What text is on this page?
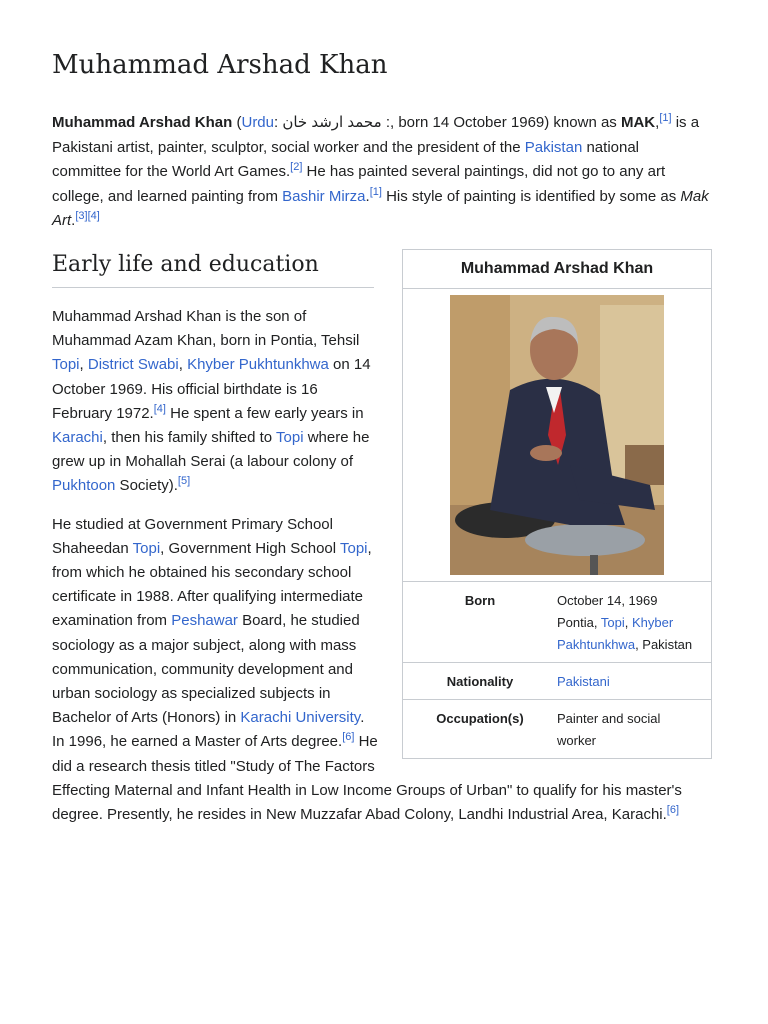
Muhammad Arshad Khan

Muhammad Arshad Khan (Urdu: محمد ارشد خان :, born 14 October 1969) known as MAK,[1] is a Pakistani artist, painter, sculptor, social worker and the president of the Pakistan national committee for the World Art Games.[2] He has painted several paintings, did not go to any art college, and learned painting from Bashir Mirza.[1] His style of painting is identified by some as Mak Art.[3][4]

Early life and education	Muhammad Arshad Khan
Born	October 14, 1969
Pontia, Topi, Khyber Pakhtunkhwa, Pakistan
Nationality	Pakistani
Occupation(s)	Painter and social worker

Muhammad Arshad Khan is the son of Muhammad Azam Khan, born in Pontia, Tehsil Topi, District Swabi, Khyber Pukhtunkhwa on 14 October 1969. His official birthdate is 16 February 1972.[4] He spent a few early years in Karachi, then his family shifted to Topi where he grew up in Mohallah Serai (a labour colony of Pukhtoon Society).[5]

He studied at Government Primary School Shaheedan Topi, Government High School Topi, from which he obtained his secondary school certificate in 1988. After qualifying intermediate examination from Peshawar Board, he studied sociology as a major subject, along with mass communication, community development and urban sociology as specialized subjects in Bachelor of Arts (Honors) in Karachi University. In 1996, he earned a Master of Arts degree.[6] He did a research thesis titled "Study of The Factors Effecting Maternal and Infant Health in Low Income Groups of Urban" to qualify for his master's degree. Presently, he resides in New Muzzafar Abad Colony, Landhi Industrial Area, Karachi.[6]
